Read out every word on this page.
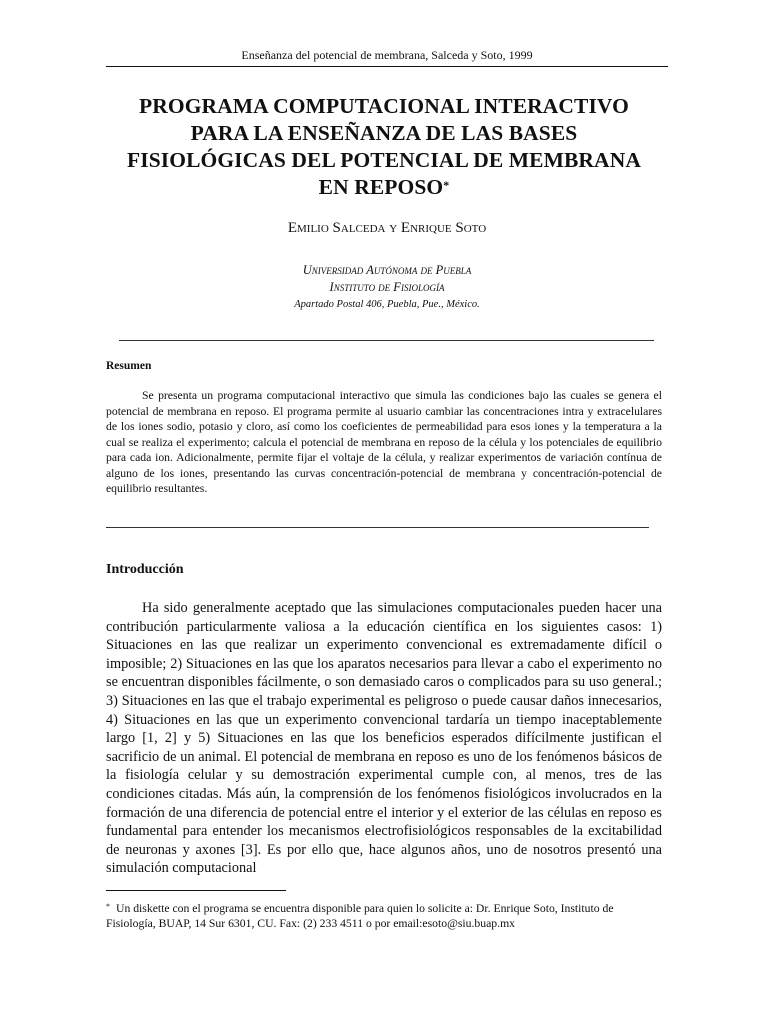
Enseñanza del potencial de membrana, Salceda y Soto, 1999
PROGRAMA COMPUTACIONAL INTERACTIVO
PARA LA ENSEÑANZA DE LAS BASES
FISIOLÓGICAS DEL POTENCIAL DE MEMBRANA
EN REPOSO*
Emilio Salceda y Enrique Soto
Universidad Autónoma de Puebla
Instituto de Fisiología
Apartado Postal 406, Puebla, Pue., México.
Resumen

Se presenta un programa computacional interactivo que simula las condiciones bajo las cuales se genera el potencial de membrana en reposo. El programa permite al usuario cambiar las concentraciones intra y extracelulares de los iones sodio, potasio y cloro, así como los coeficientes de permeabilidad para esos iones y la temperatura a la cual se realiza el experimento; calcula el potencial de membrana en reposo de la célula y los potenciales de equilibrio para cada ion. Adicionalmente, permite fijar el voltaje de la célula, y realizar experimentos de variación contínua de alguno de los iones, presentando las curvas concentración-potencial de membrana y concentración-potencial de equilibrio resultantes.

Introducción

Ha sido generalmente aceptado que las simulaciones computacionales pueden hacer una contribución particularmente valiosa a la educación científica en los siguientes casos: 1) Situaciones en las que realizar un experimento convencional es extremadamente difícil o imposible; 2) Situaciones en las que los aparatos necesarios para llevar a cabo el experimento no se encuentran disponibles fácilmente, o son demasiado caros o complicados para su uso general.; 3) Situaciones en las que el trabajo experimental es peligroso o puede causar daños innecesarios, 4) Situaciones en las que un experimento convencional tardaría un tiempo inaceptablemente largo [1, 2] y 5) Situaciones en las que los beneficios esperados difícilmente justifican el sacrificio de un animal. El potencial de membrana en reposo es uno de los fenómenos básicos de la fisiología celular y su demostración experimental cumple con, al menos, tres de las condiciones citadas. Más aún, la comprensión de los fenómenos fisiológicos involucrados en la formación de una diferencia de potencial entre el interior y el exterior de las células en reposo es fundamental para entender los mecanismos electrofisiológicos responsables de la excitabilidad de neuronas y axones [3]. Es por ello que, hace algunos años, uno de nosotros presentó una simulación computacional

* Un diskette con el programa se encuentra disponible para quien lo solicite a: Dr. Enrique Soto, Instituto de Fisiología, BUAP, 14 Sur 6301, CU. Fax: (2) 233 4511 o por email:esoto@siu.buap.mx
